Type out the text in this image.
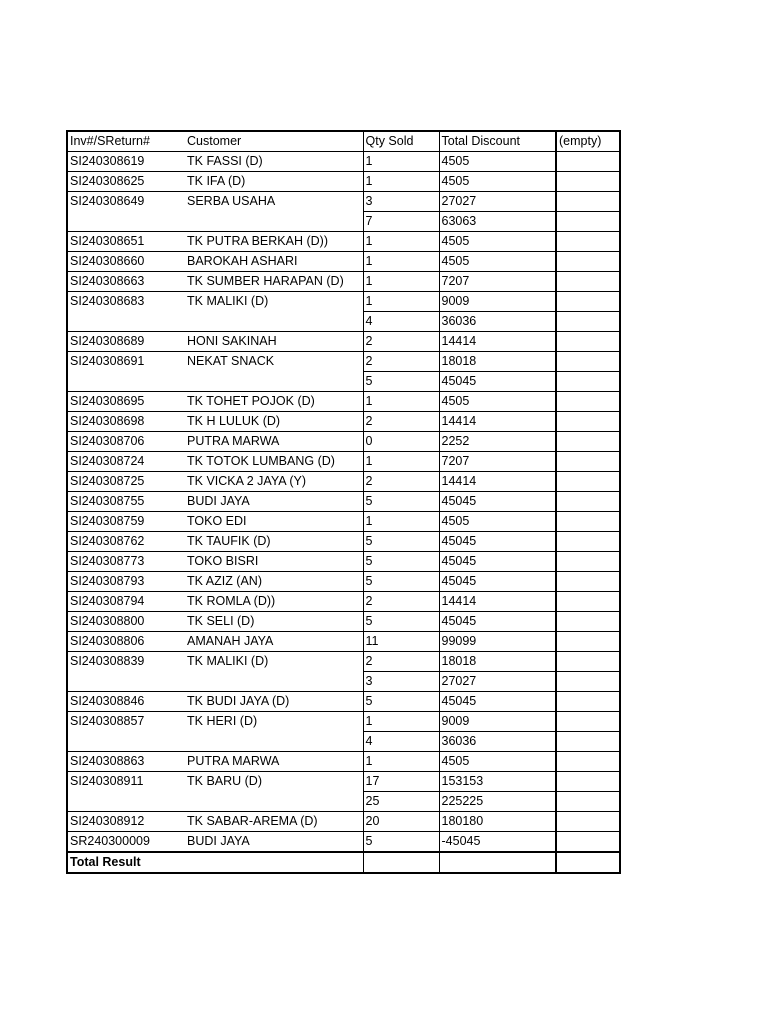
Inv#/SReturn#	Customer	Qty Sold	Total Discount	(empty)
SI240308619	TK FASSI (D)	1	4505	
SI240308625	TK IFA (D)	1	4505	
SI240308649	SERBA USAHA	3	27027	
		7	63063	
SI240308651	TK PUTRA BERKAH (D))	1	4505	
SI240308660	BAROKAH ASHARI	1	4505	
SI240308663	TK SUMBER HARAPAN (D)	1	7207	
SI240308683	TK MALIKI (D)	1	9009	
		4	36036	
SI240308689	HONI SAKINAH	2	14414	
SI240308691	NEKAT SNACK	2	18018	
		5	45045	
SI240308695	TK TOHET POJOK (D)	1	4505	
SI240308698	TK H LULUK (D)	2	14414	
SI240308706	PUTRA MARWA	0	2252	
SI240308724	TK TOTOK LUMBANG (D)	1	7207	
SI240308725	TK VICKA 2 JAYA (Y)	2	14414	
SI240308755	BUDI JAYA	5	45045	
SI240308759	TOKO EDI	1	4505	
SI240308762	TK TAUFIK (D)	5	45045	
SI240308773	TOKO BISRI	5	45045	
SI240308793	TK AZIZ (AN)	5	45045	
SI240308794	TK ROMLA (D))	2	14414	
SI240308800	TK SELI (D)	5	45045	
SI240308806	AMANAH JAYA	11	99099	
SI240308839	TK MALIKI (D)	2	18018	
		3	27027	
SI240308846	TK BUDI JAYA (D)	5	45045	
SI240308857	TK HERI (D)	1	9009	
		4	36036	
SI240308863	PUTRA MARWA	1	4505	
SI240308911	TK BARU (D)	17	153153	
		25	225225	
SI240308912	TK SABAR-AREMA (D)	20	180180	
SR240300009	BUDI JAYA	5	-45045	
Total Result				
